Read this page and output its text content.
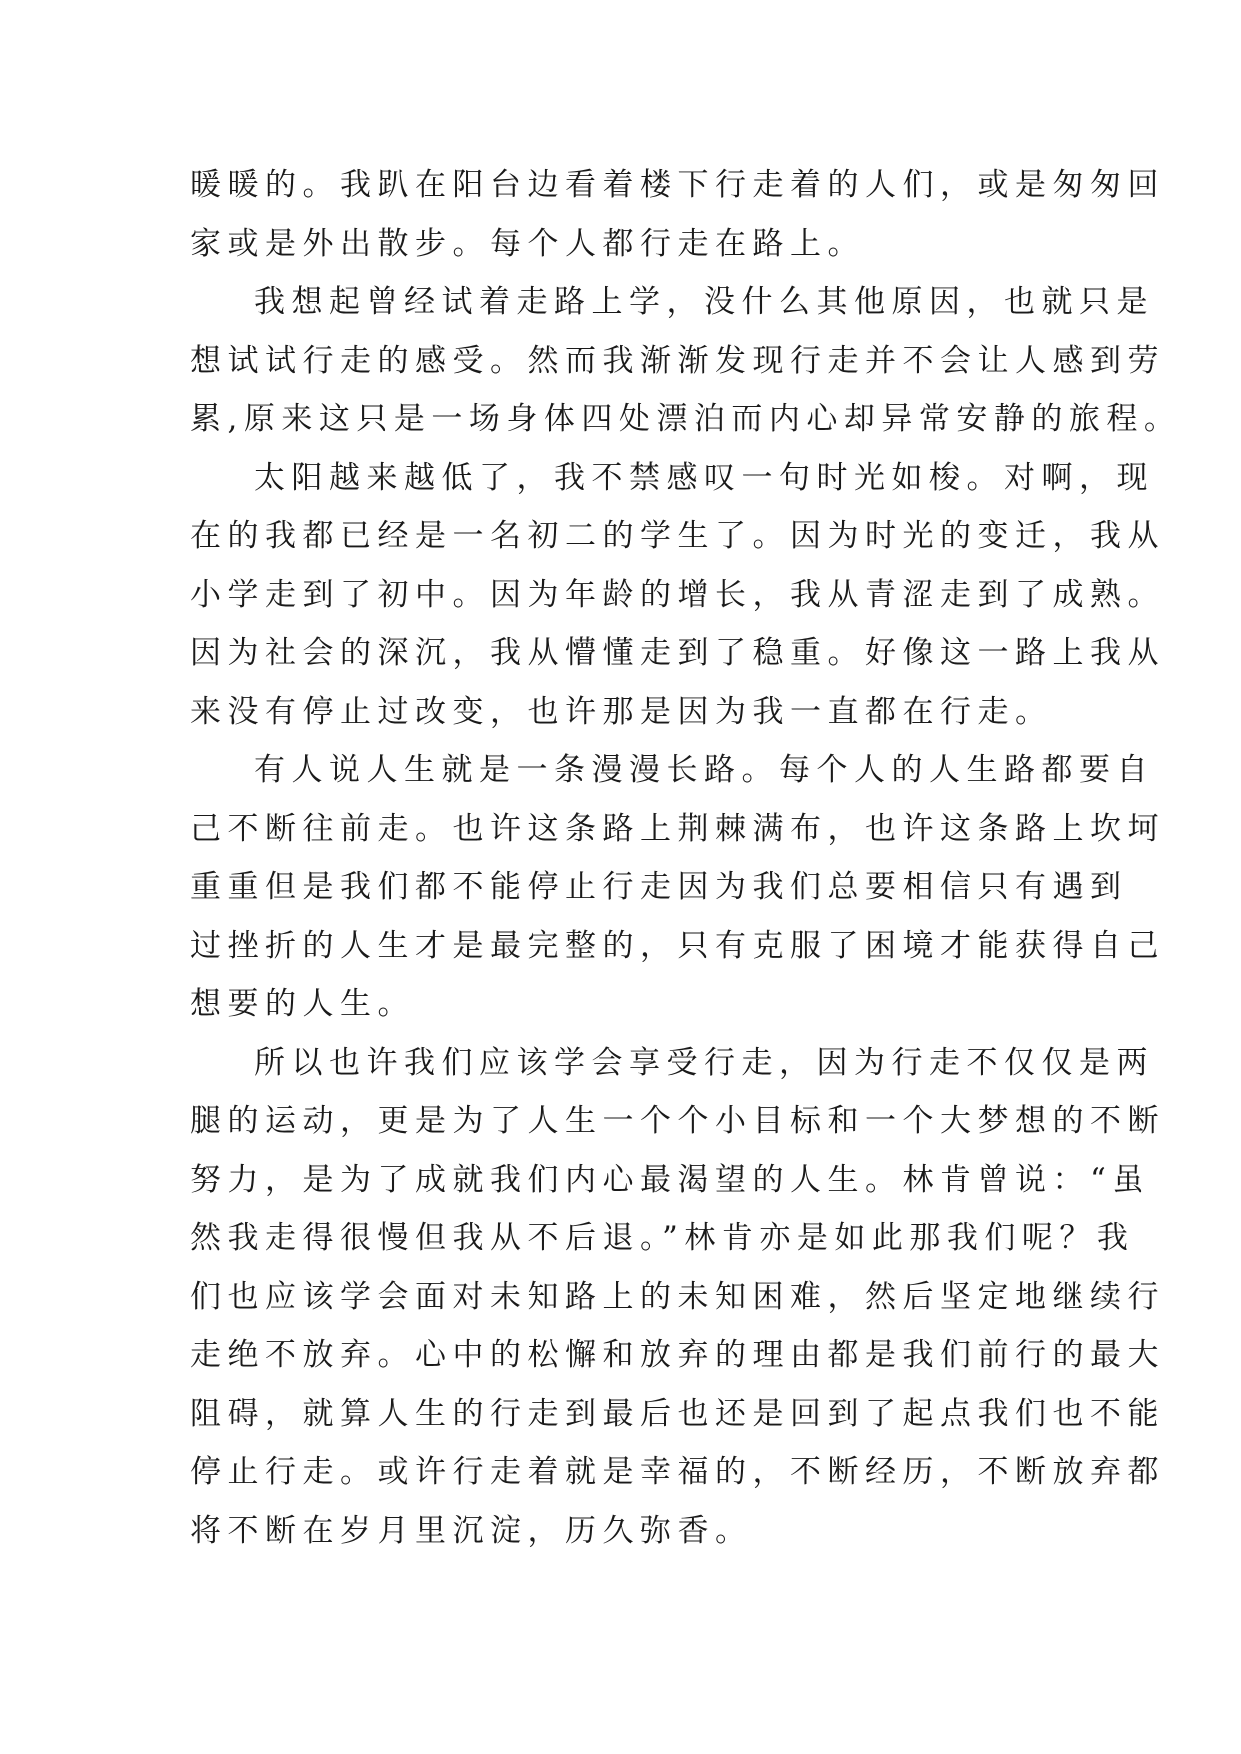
暖暖的。我趴在阳台边看着楼下行走着的人们，或是匆匆回
家或是外出散步。每个人都行走在路上。
我想起曾经试着走路上学，没什么其他原因，也就只是
想试试行走的感受。然而我渐渐发现行走并不会让人感到劳
累,原来这只是一场身体四处漂泊而内心却异常安静的旅程。
太阳越来越低了，我不禁感叹一句时光如梭。对啊，现
在的我都已经是一名初二的学生了。因为时光的变迁，我从
小学走到了初中。因为年龄的增长，我从青涩走到了成熟。
因为社会的深沉，我从懵懂走到了稳重。好像这一路上我从
来没有停止过改变，也许那是因为我一直都在行走。
有人说人生就是一条漫漫长路。每个人的人生路都要自
己不断往前走。也许这条路上荆棘满布，也许这条路上坎坷
重重但是我们都不能停止行走因为我们总要相信只有遇到
过挫折的人生才是最完整的，只有克服了困境才能获得自己
想要的人生。
所以也许我们应该学会享受行走，因为行走不仅仅是两
腿的运动，更是为了人生一个个小目标和一个大梦想的不断
努力，是为了成就我们内心最渴望的人生。林肯曾说：“虽
然我走得很慢但我从不后退。”林肯亦是如此那我们呢？我
们也应该学会面对未知路上的未知困难，然后坚定地继续行
走绝不放弃。心中的松懈和放弃的理由都是我们前行的最大
阻碍，就算人生的行走到最后也还是回到了起点我们也不能
停止行走。或许行走着就是幸福的，不断经历，不断放弃都
将不断在岁月里沉淀，历久弥香。
